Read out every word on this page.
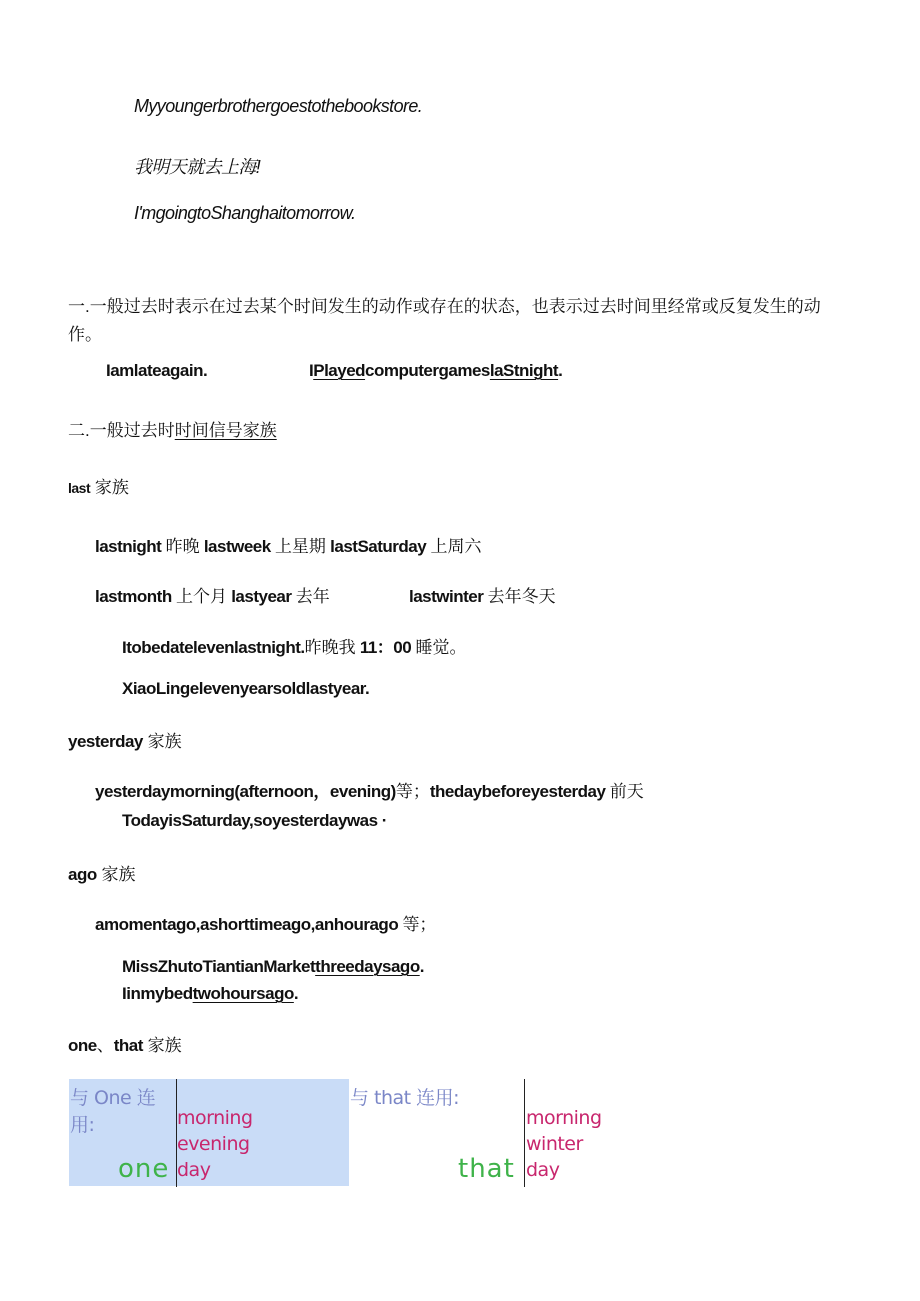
Myyoungerbrothergoestothebookstore.
我明天就去上海!
I'mgoingtoShanghaitomorrow.
一.一般过去时表示在过去某个时间发生的动作或存在的状态，也表示过去时间里经常或反复发生的动
作。
Iamlateagain.	IPlayedcomputergameslaStnight.
二.一般过去时时间信号家族
last 家族
lastnight 昨晚 lastweek 上星期 lastSaturday 上周六
lastmonth 上个月 lastyear 去年	lastwinter 去年冬天
Itobedatelevenlastnight.昨晚我 11：00 睡觉。
XiaoLingelevenyearsoldlastyear.
yesterday 家族
yesterdaymorning(afternoon，evening)等；thedaybeforeyesterday 前天
TodayisSaturday,soyesterdaywas ·
ago 家族
amomentago,ashorttimeago,anhourago 等；
MissZhutoTiantianMarketthreedaysago.
Iinmybedtwohoursago.
one、that 家族
与 One 连
用:
one
morning
evening
day
与 that 连用:
that
morning
winter
day
